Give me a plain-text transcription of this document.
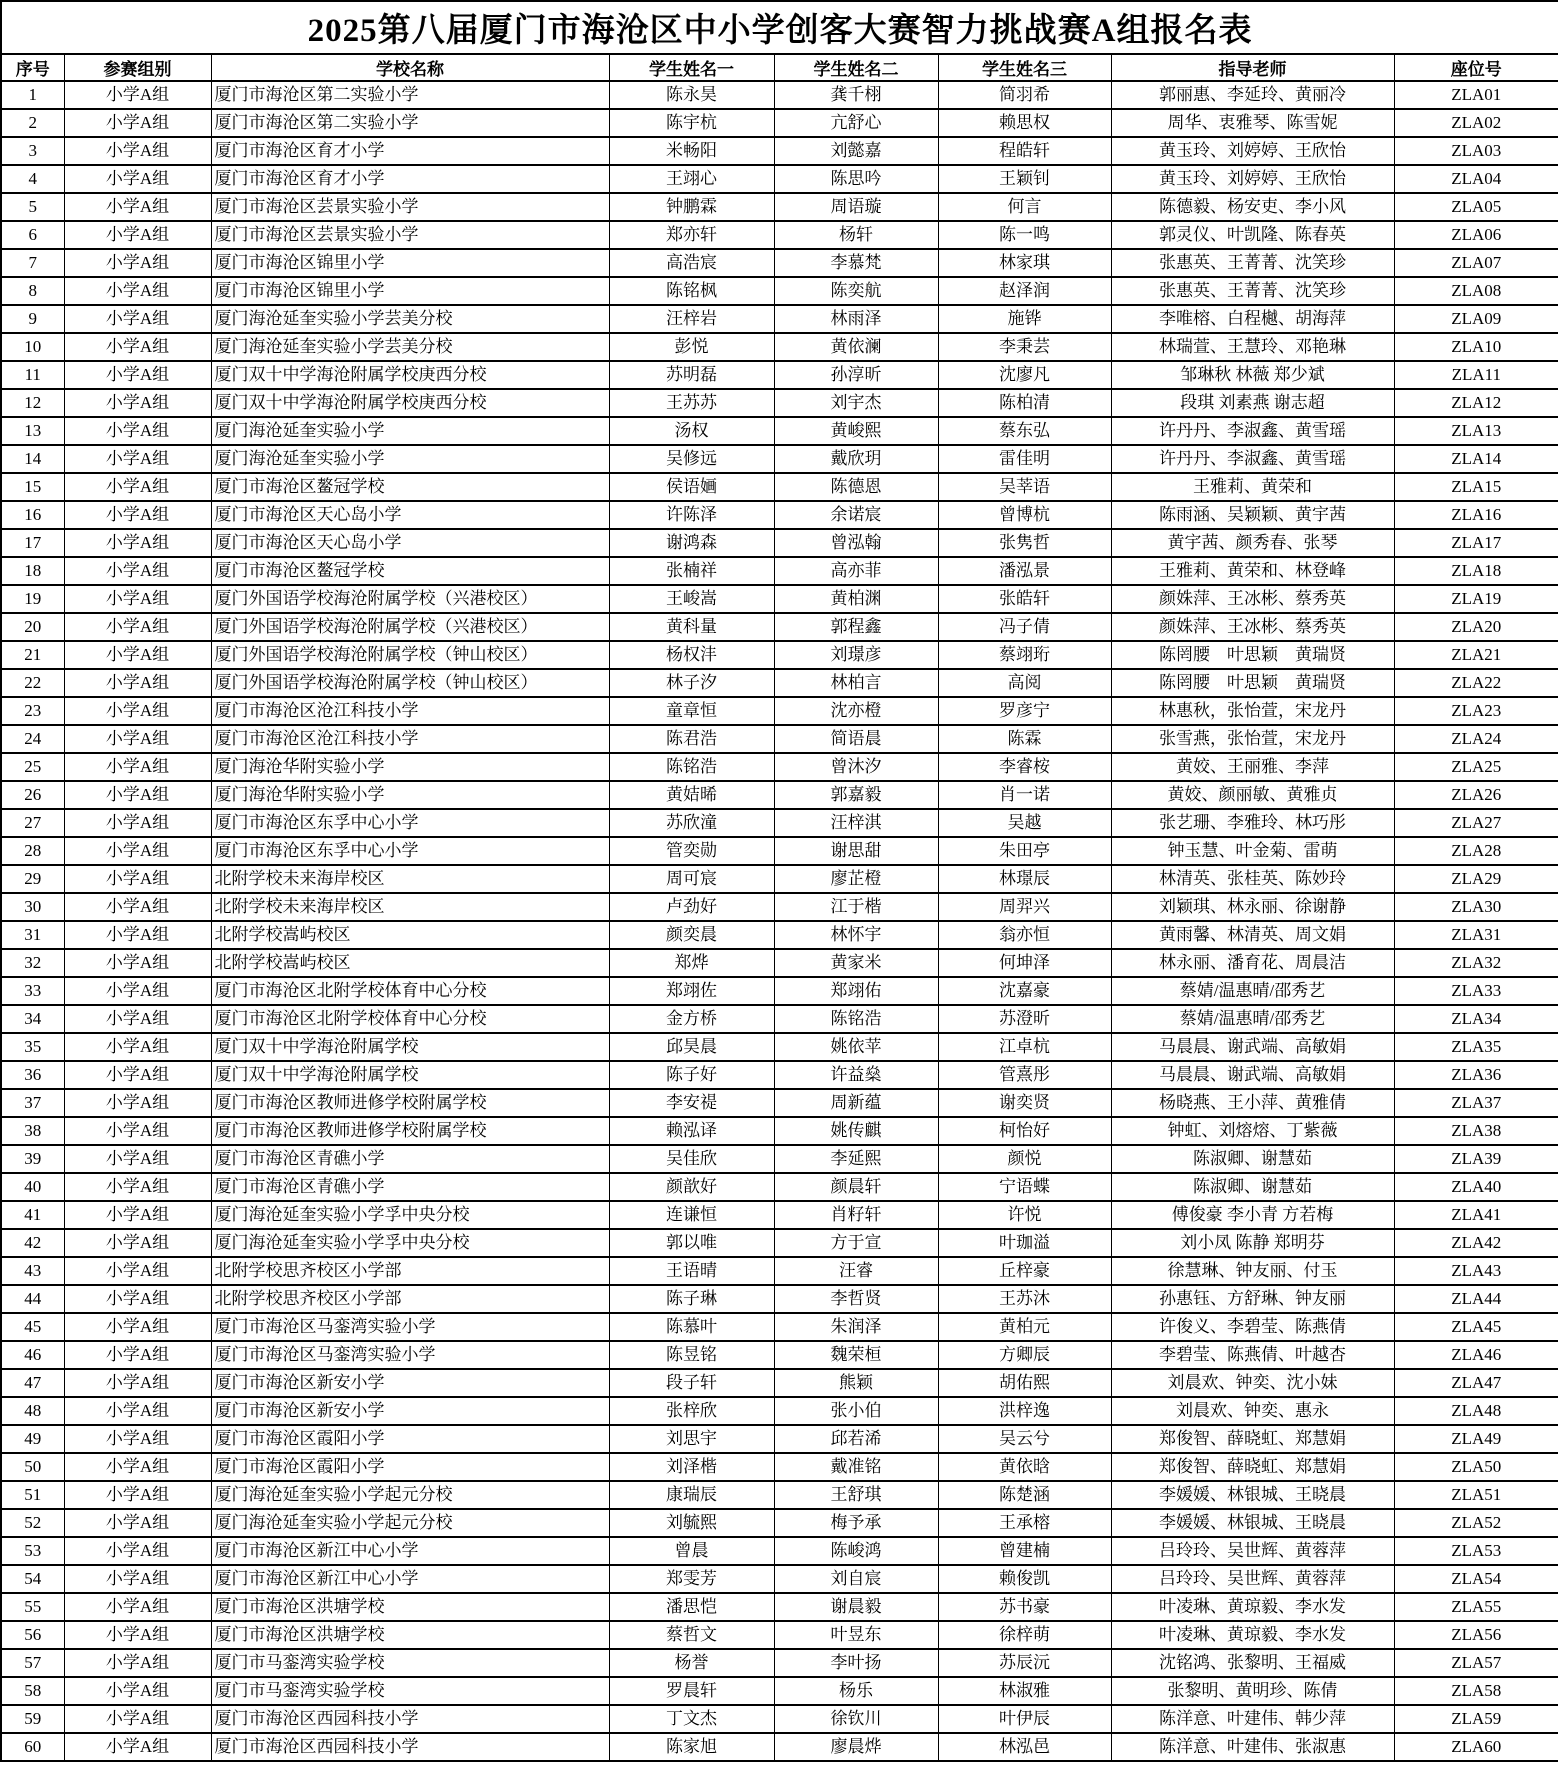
2025第八届厦门市海沧区中小学创客大赛智力挑战赛A组报名表							
序号	参赛组别	学校名称	学生姓名一	学生姓名二	学生姓名三	指导老师	座位号
1	小学A组	厦门市海沧区第二实验小学	陈永昊	龚千栩	简羽希	郭丽惠、李延玲、黄丽冷	ZLA01
2	小学A组	厦门市海沧区第二实验小学	陈宇杭	亢舒心	赖思权	周华、衷雅琴、陈雪妮	ZLA02
3	小学A组	厦门市海沧区育才小学	米畅阳	刘懿嘉	程皓轩	黄玉玲、刘婷婷、王欣怡	ZLA03
4	小学A组	厦门市海沧区育才小学	王翊心	陈思吟	王颖钊	黄玉玲、刘婷婷、王欣怡	ZLA04
5	小学A组	厦门市海沧区芸景实验小学	钟鹏霖	周语璇	何言	陈德毅、杨安吏、李小风	ZLA05
6	小学A组	厦门市海沧区芸景实验小学	郑亦轩	杨轩	陈一鸣	郭灵仪、叶凯隆、陈春英	ZLA06
7	小学A组	厦门市海沧区锦里小学	高浩宸	李慕梵	林家琪	张惠英、王菁菁、沈笑珍	ZLA07
8	小学A组	厦门市海沧区锦里小学	陈铭枫	陈奕航	赵泽润	张惠英、王菁菁、沈笑珍	ZLA08
9	小学A组	厦门海沧延奎实验小学芸美分校	汪梓岩	林雨泽	施铧	李唯榕、白程樾、胡海萍	ZLA09
10	小学A组	厦门海沧延奎实验小学芸美分校	彭悦	黄依澜	李秉芸	林瑞萱、王慧玲、邓艳琳	ZLA10
11	小学A组	厦门双十中学海沧附属学校庚西分校	苏明磊	孙淳昕	沈廖凡	邹琳秋 林薇 郑少斌	ZLA11
12	小学A组	厦门双十中学海沧附属学校庚西分校	王苏苏	刘宇杰	陈柏清	段琪 刘素燕 谢志超	ZLA12
13	小学A组	厦门海沧延奎实验小学	汤权	黄峻熙	蔡东弘	许丹丹、李淑鑫、黄雪瑶	ZLA13
14	小学A组	厦门海沧延奎实验小学	吴修远	戴欣玥	雷佳明	许丹丹、李淑鑫、黄雪瑶	ZLA14
15	小学A组	厦门市海沧区鳌冠学校	侯语婳	陈德恩	吴莘语	王雅莉、黄荣和	ZLA15
16	小学A组	厦门市海沧区天心岛小学	许陈泽	余诺宸	曾博杭	陈雨涵、吴颖颖、黄宇茜	ZLA16
17	小学A组	厦门市海沧区天心岛小学	谢鸿森	曾泓翰	张隽哲	黄宇茜、颜秀春、张琴	ZLA17
18	小学A组	厦门市海沧区鳌冠学校	张楠祥	高亦菲	潘泓景	王雅莉、黄荣和、林登峰	ZLA18
19	小学A组	厦门外国语学校海沧附属学校（兴港校区）	王峻嵩	黄柏渊	张皓轩	颜姝萍、王冰彬、蔡秀英	ZLA19
20	小学A组	厦门外国语学校海沧附属学校（兴港校区）	黄科量	郭程鑫	冯子倩	颜姝萍、王冰彬、蔡秀英	ZLA20
21	小学A组	厦门外国语学校海沧附属学校（钟山校区）	杨权沣	刘璟彦	蔡翊珩	陈罔腰　叶思颖　黄瑞贤	ZLA21
22	小学A组	厦门外国语学校海沧附属学校（钟山校区）	林子汐	林柏言	高阅	陈罔腰　叶思颖　黄瑞贤	ZLA22
23	小学A组	厦门市海沧区沧江科技小学	童章恒	沈亦橙	罗彦宁	林惠秋，张怡萱，宋龙丹	ZLA23
24	小学A组	厦门市海沧区沧江科技小学	陈君浩	简语晨	陈霖	张雪燕，张怡萱，宋龙丹	ZLA24
25	小学A组	厦门海沧华附实验小学	陈铭浩	曾沐汐	李睿桉	黄姣、王丽雅、李萍	ZLA25
26	小学A组	厦门海沧华附实验小学	黄姞晞	郭嘉毅	肖一诺	黄姣、颜丽敏、黄雅贞	ZLA26
27	小学A组	厦门市海沧区东孚中心小学	苏欣潼	汪梓淇	吴越	张艺珊、李雅玲、林巧彤	ZLA27
28	小学A组	厦门市海沧区东孚中心小学	管奕勋	谢思甜	朱田亭	钟玉慧、叶金菊、雷萌	ZLA28
29	小学A组	北附学校未来海岸校区	周可宸	廖芷橙	林璟辰	林清英、张桂英、陈妙玲	ZLA29
30	小学A组	北附学校未来海岸校区	卢劲好	江于楷	周羿兴	刘颖琪、林永丽、徐谢静	ZLA30
31	小学A组	北附学校嵩屿校区	颜奕晨	林怀宇	翁亦恒	黄雨馨、林清英、周文娟	ZLA31
32	小学A组	北附学校嵩屿校区	郑烨	黄家米	何坤泽	林永丽、潘育花、周晨洁	ZLA32
33	小学A组	厦门市海沧区北附学校体育中心分校	郑翊佐	郑翊佑	沈嘉豪	蔡婧/温惠晴/邵秀艺	ZLA33
34	小学A组	厦门市海沧区北附学校体育中心分校	金方桥	陈铭浩	苏澄昕	蔡婧/温惠晴/邵秀艺	ZLA34
35	小学A组	厦门双十中学海沧附属学校	邱昊晨	姚依苹	江卓杭	马晨晨、谢武端、高敏娟	ZLA35
36	小学A组	厦门双十中学海沧附属学校	陈子好	许益燊	管熹彤	马晨晨、谢武端、高敏娟	ZLA36
37	小学A组	厦门市海沧区教师进修学校附属学校	李安禔	周新蕴	谢奕贤	杨晓燕、王小萍、黄雅倩	ZLA37
38	小学A组	厦门市海沧区教师进修学校附属学校	赖泓译	姚传麒	柯怡好	钟虹、刘熔熔、丁紫薇	ZLA38
39	小学A组	厦门市海沧区青礁小学	吴佳欣	李延熙	颜悦	陈淑卿、谢慧茹	ZLA39
40	小学A组	厦门市海沧区青礁小学	颜歆好	颜晨轩	宁语蝶	陈淑卿、谢慧茹	ZLA40
41	小学A组	厦门海沧延奎实验小学孚中央分校	连谦恒	肖籽轩	许悦	傅俊豪 李小青 方若梅	ZLA41
42	小学A组	厦门海沧延奎实验小学孚中央分校	郭以唯	方于宣	叶珈溢	刘小凤 陈静 郑明芬	ZLA42
43	小学A组	北附学校思齐校区小学部	王语晴	汪睿	丘梓豪	徐慧琳、钟友丽、付玉	ZLA43
44	小学A组	北附学校思齐校区小学部	陈子琳	李哲贤	王苏沐	孙惠钰、方舒琳、钟友丽	ZLA44
45	小学A组	厦门市海沧区马銮湾实验小学	陈慕叶	朱润泽	黄柏元	许俊义、李碧莹、陈燕倩	ZLA45
46	小学A组	厦门市海沧区马銮湾实验小学	陈昱铭	魏荣桓	方卿辰	李碧莹、陈燕倩、叶越杏	ZLA46
47	小学A组	厦门市海沧区新安小学	段子轩	熊颖	胡佑熙	刘晨欢、钟奕、沈小妹	ZLA47
48	小学A组	厦门市海沧区新安小学	张梓欣	张小伯	洪梓逸	刘晨欢、钟奕、惠永	ZLA48
49	小学A组	厦门市海沧区霞阳小学	刘思宇	邱若浠	吴云兮	郑俊智、薛晓虹、郑慧娟	ZLA49
50	小学A组	厦门市海沧区霞阳小学	刘泽楷	戴准铭	黄依晗	郑俊智、薛晓虹、郑慧娟	ZLA50
51	小学A组	厦门海沧延奎实验小学起元分校	康瑞辰	王舒琪	陈楚涵	李媛媛、林银城、王晓晨	ZLA51
52	小学A组	厦门海沧延奎实验小学起元分校	刘毓熙	梅予承	王承榕	李媛媛、林银城、王晓晨	ZLA52
53	小学A组	厦门市海沧区新江中心小学	曾晨	陈峻鸿	曾建楠	吕玲玲、吴世辉、黄蓉萍	ZLA53
54	小学A组	厦门市海沧区新江中心小学	郑雯芳	刘自宸	赖俊凯	吕玲玲、吴世辉、黄蓉萍	ZLA54
55	小学A组	厦门市海沧区洪塘学校	潘思恺	谢晨毅	苏书豪	叶凌琳、黄琼毅、李水发	ZLA55
56	小学A组	厦门市海沧区洪塘学校	蔡哲文	叶昱东	徐梓萌	叶凌琳、黄琼毅、李水发	ZLA56
57	小学A组	厦门市马銮湾实验学校	杨誉	李叶扬	苏辰沅	沈铭鸿、张黎明、王福威	ZLA57
58	小学A组	厦门市马銮湾实验学校	罗晨轩	杨乐	林淑雅	张黎明、黄明珍、陈倩	ZLA58
59	小学A组	厦门市海沧区西园科技小学	丁文杰	徐钦川	叶伊辰	陈洋意、叶建伟、韩少萍	ZLA59
60	小学A组	厦门市海沧区西园科技小学	陈家旭	廖晨烨	林泓邑	陈洋意、叶建伟、张淑惠	ZLA60
